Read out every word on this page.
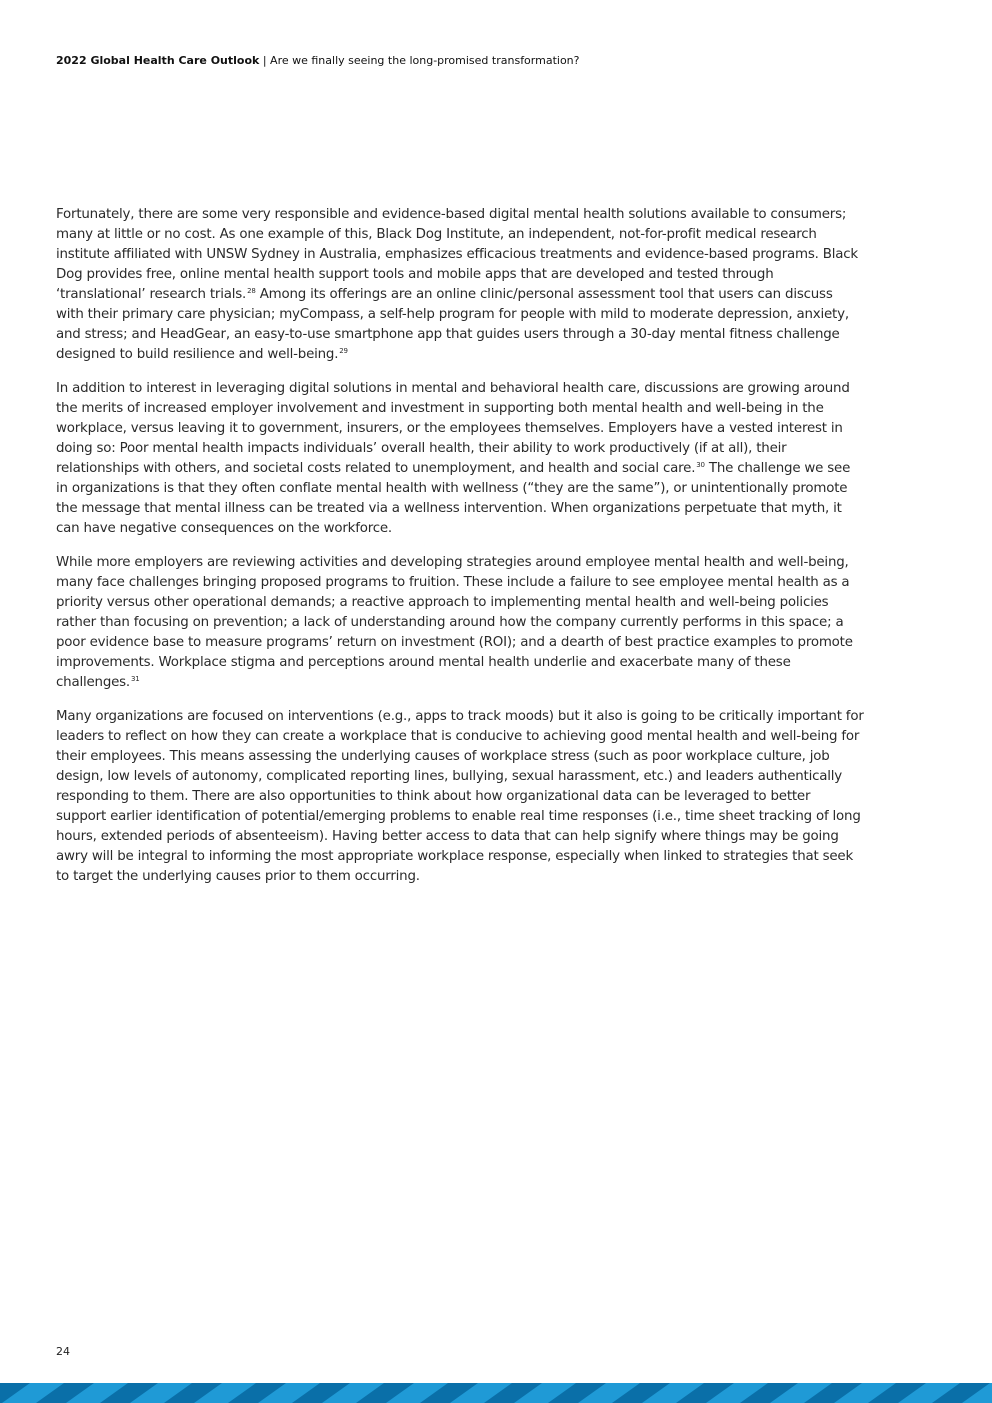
2022 Global Health Care Outlook | Are we finally seeing the long-promised transformation?

Fortunately, there are some very responsible and evidence-based digital mental health solutions available to consumers; many at little or no cost. As one example of this, Black Dog Institute, an independent, not-for-profit medical research institute affiliated with UNSW Sydney in Australia, emphasizes efficacious treatments and evidence-based programs. Black Dog provides free, online mental health support tools and mobile apps that are developed and tested through ‘translational’ research trials.$^{28}$ Among its offerings are an online clinic/personal assessment tool that users can discuss with their primary care physician; myCompass, a self-help program for people with mild to moderate depression, anxiety, and stress; and HeadGear, an easy-to-use smartphone app that guides users through a 30-day mental fitness challenge designed to build resilience and well-being.$^{29}$

In addition to interest in leveraging digital solutions in mental and behavioral health care, discussions are growing around the merits of increased employer involvement and investment in supporting both mental health and well-being in the workplace, versus leaving it to government, insurers, or the employees themselves. Employers have a vested interest in doing so: Poor mental health impacts individuals’ overall health, their ability to work productively (if at all), their relationships with others, and societal costs related to unemployment, and health and social care.$^{30}$ The challenge we see in organizations is that they often conflate mental health with wellness (“they are the same”), or unintentionally promote the message that mental illness can be treated via a wellness intervention. When organizations perpetuate that myth, it can have negative consequences on the workforce.

While more employers are reviewing activities and developing strategies around employee mental health and well-being, many face challenges bringing proposed programs to fruition. These include a failure to see employee mental health as a priority versus other operational demands; a reactive approach to implementing mental health and well-being policies rather than focusing on prevention; a lack of understanding around how the company currently performs in this space; a poor evidence base to measure programs’ return on investment (ROI); and a dearth of best practice examples to promote improvements. Workplace stigma and perceptions around mental health underlie and exacerbate many of these challenges.$^{31}$

Many organizations are focused on interventions (e.g., apps to track moods) but it also is going to be critically important for leaders to reflect on how they can create a workplace that is conducive to achieving good mental health and well-being for their employees. This means assessing the underlying causes of workplace stress (such as poor workplace culture, job design, low levels of autonomy, complicated reporting lines, bullying, sexual harassment, etc.) and leaders authentically responding to them. There are also opportunities to think about how organizational data can be leveraged to better support earlier identification of potential/emerging problems to enable real time responses (i.e., time sheet tracking of long hours, extended periods of absenteeism). Having better access to data that can help signify where things may be going awry will be integral to informing the most appropriate workplace response, especially when linked to strategies that seek to target the underlying causes prior to them occurring.

24
